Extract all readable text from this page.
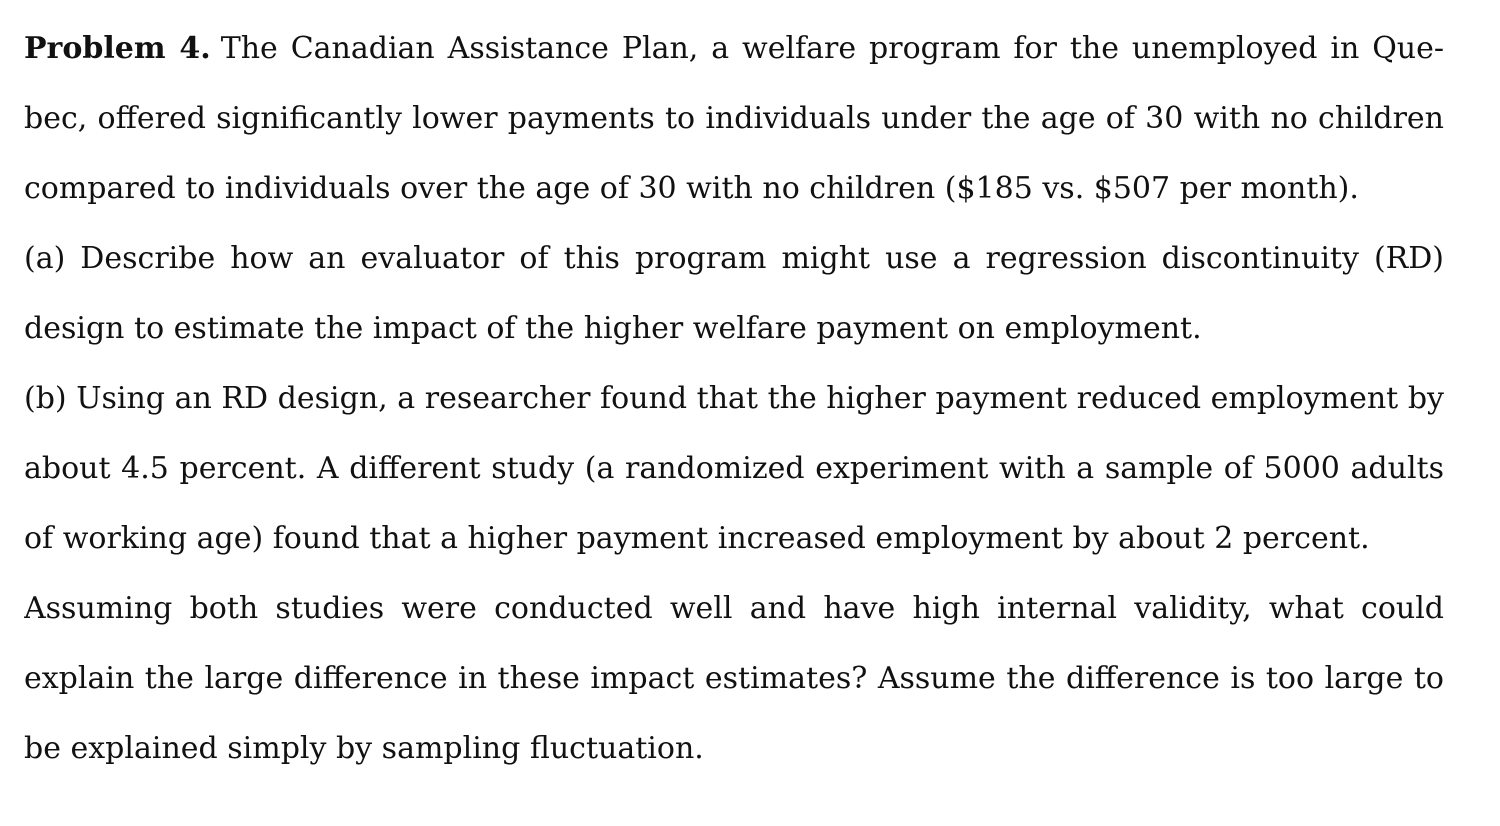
Problem 4. The Canadian Assistance Plan, a welfare program for the unemployed in Que-
bec, offered significantly lower payments to individuals under the age of 30 with no children
compared to individuals over the age of 30 with no children ($185 vs. $507 per month).
(a) Describe how an evaluator of this program might use a regression discontinuity (RD)
design to estimate the impact of the higher welfare payment on employment.
(b) Using an RD design, a researcher found that the higher payment reduced employment by
about 4.5 percent. A different study (a randomized experiment with a sample of 5000 adults
of working age) found that a higher payment increased employment by about 2 percent.
Assuming both studies were conducted well and have high internal validity, what could
explain the large difference in these impact estimates? Assume the difference is too large to
be explained simply by sampling fluctuation.
